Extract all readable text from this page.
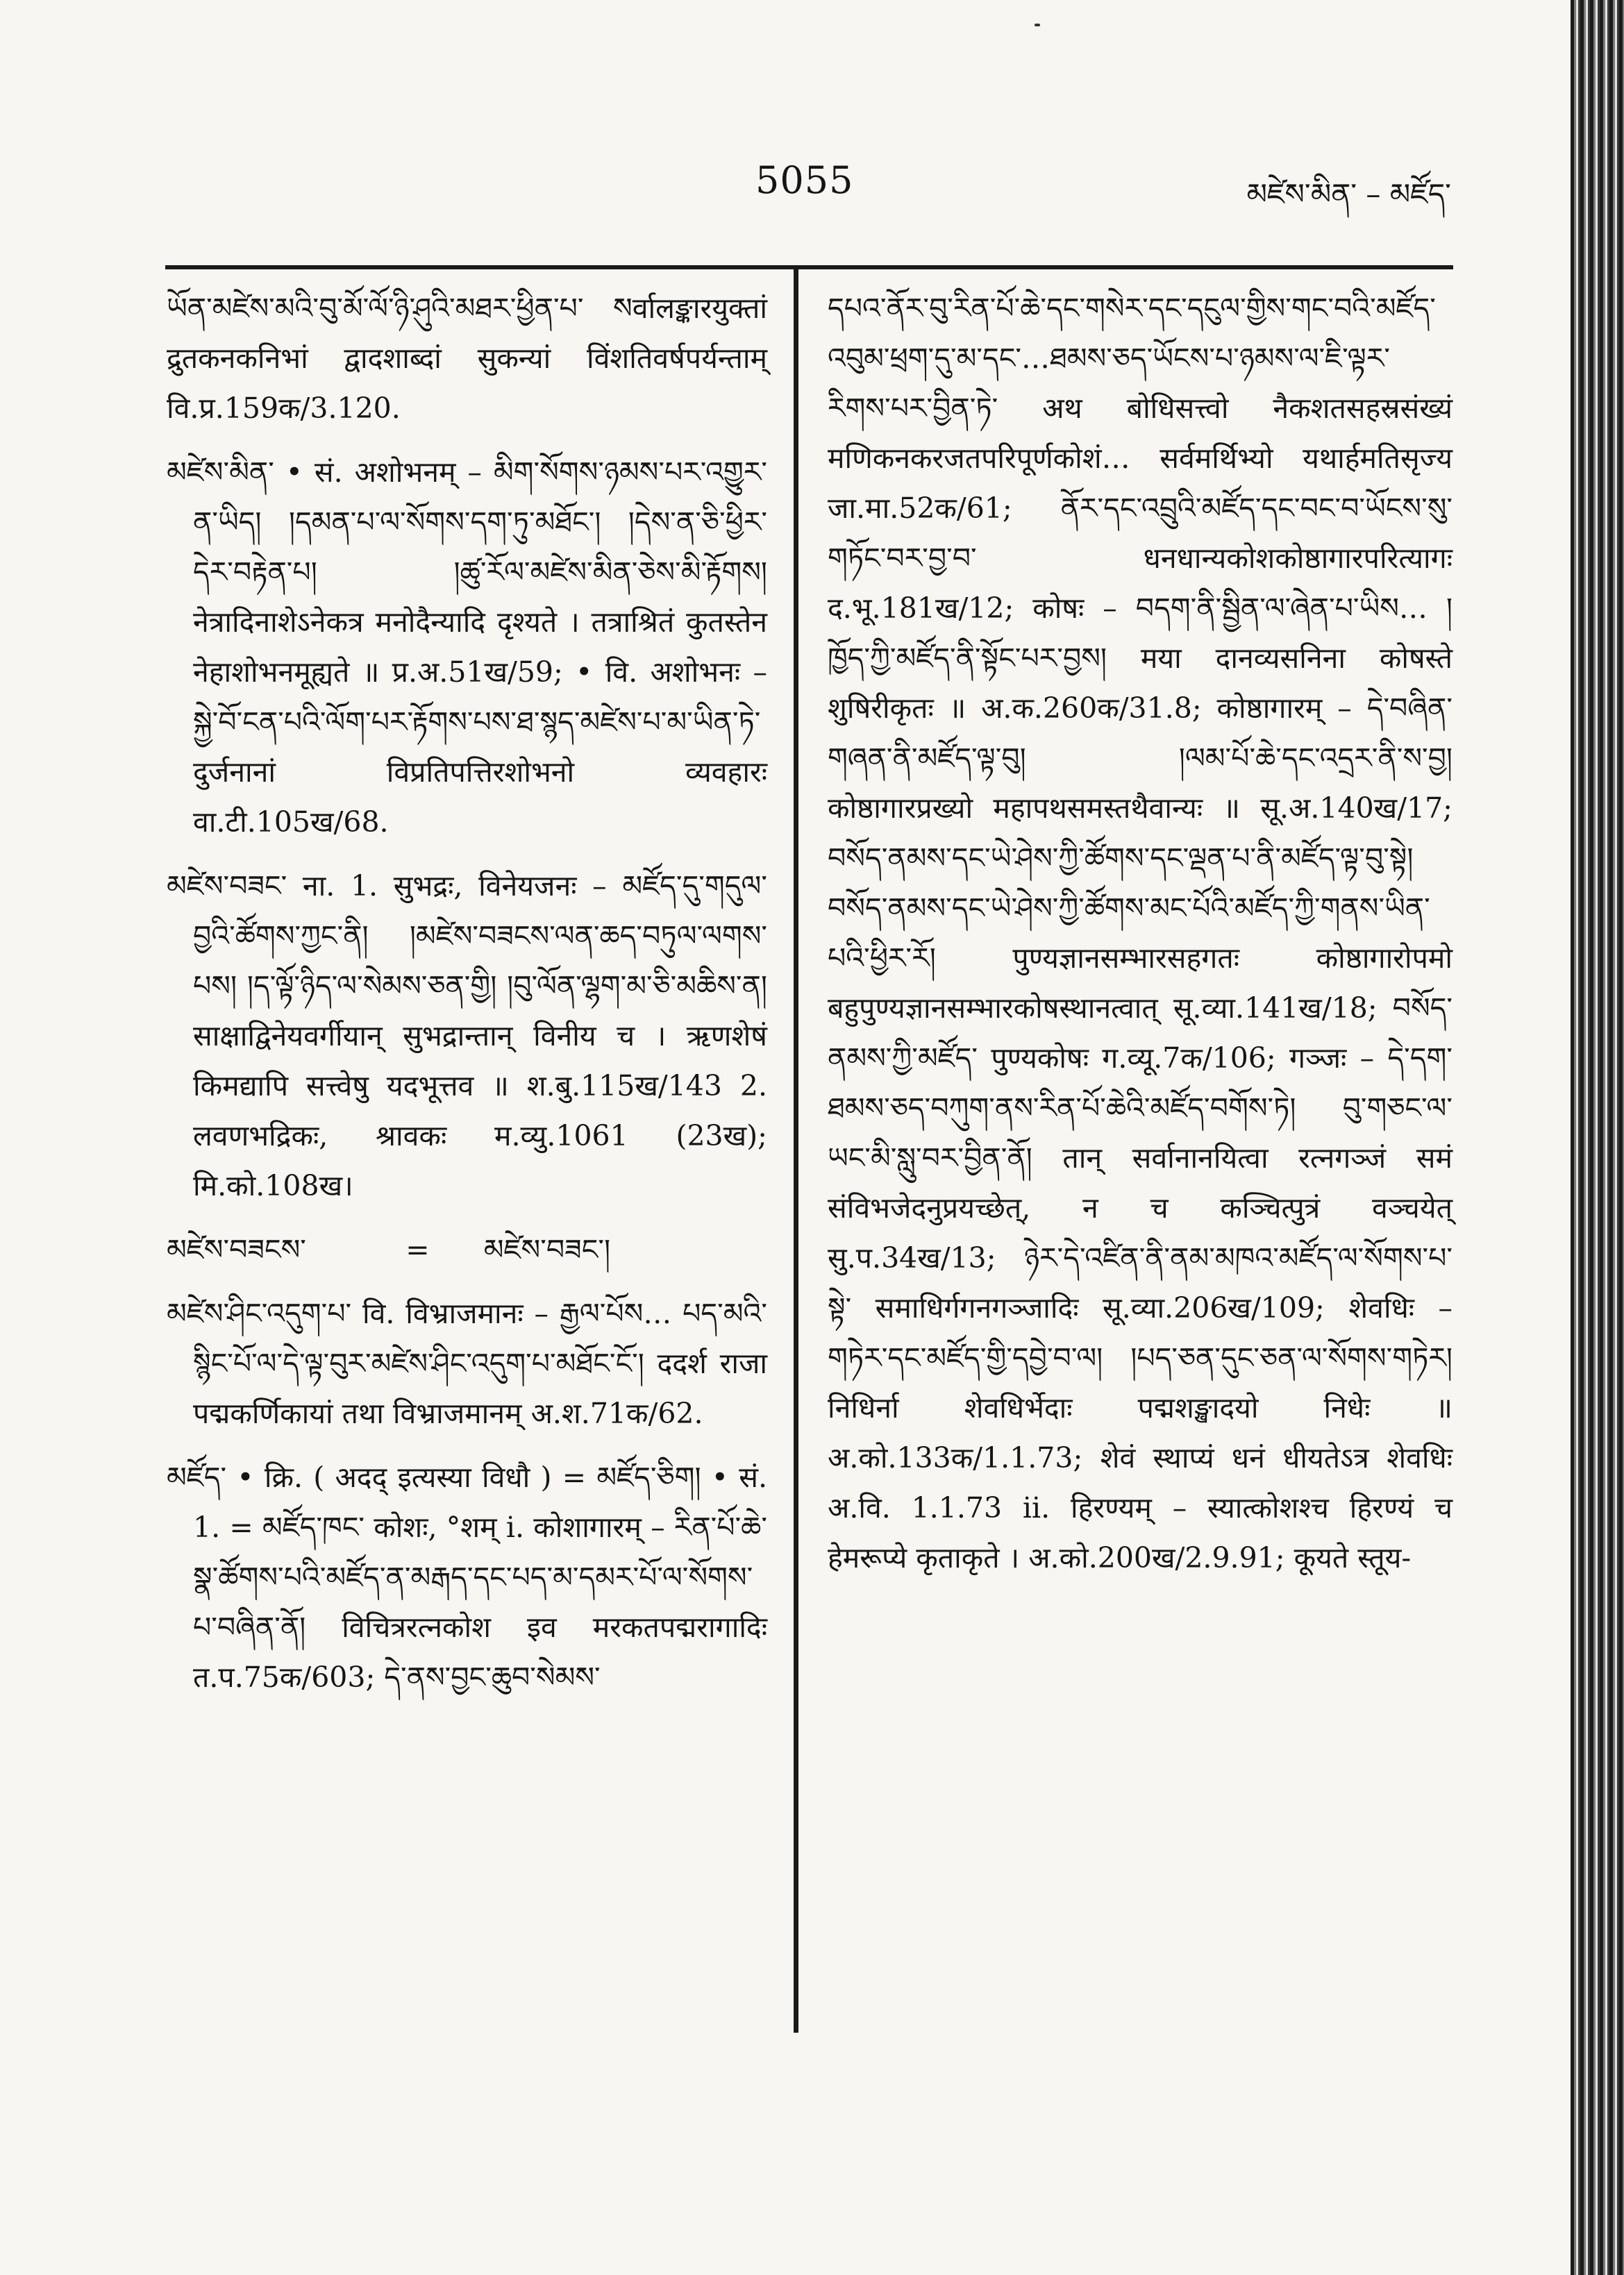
5055	མཛེས་མིན་ – མཛོད་

ཡོན་མཛེས་མའི་བུ་མོ་ལོ་ཉི་ཤུའི་མཐར་ཕྱིན་པ་ སर्वालङ्कारयुक्तां द्रुतकनकनिभां द्वादशाब्दां सुकन्यां विंशतिवर्षपर्यन्ताम् वि.प्र.159क/3.120.

མཛེས་མིན་ • सं. अशोभनम् – མིག་སོགས་ཉམས་པར་འགྱུར་ན་ཡིད། །དམན་པ་ལ་སོགས་དག་ཏུ་མཐོང་། །དེས་ན་ཅི་ཕྱིར་དེར་བརྟེན་པ། །ཚུ་རོལ་མཛེས་མིན་ཅེས་མི་རྟོགས། नेत्रादिनाशेऽनेकत्र मनोदैन्यादि दृश्यते । तत्राश्रितं कुतस्तेन नेहाशोभनमूह्यते ॥ प्र.अ.51ख/59; • वि. अशोभनः – སྐྱེ་བོ་ངན་པའི་ལོག་པར་རྟོགས་པས་ཐ་སྙད་མཛེས་པ་མ་ཡིན་ཏེ་ दुर्जनानां विप्रतिपत्तिरशोभनो व्यवहारः वा.टी.105ख/68.

མཛེས་བཟང་ ना. 1. सुभद्रः, विनेयजनः – མཛོད་དུ་གདུལ་བྱའི་ཚོགས་ཀྱང་ནི། །མཛེས་བཟངས་ལན་ཆད་བཏུལ་ལགས་པས། །ད་ལྟོ་ཉིད་ལ་སེམས་ཅན་གྱི། །བུ་ལོན་ལྷག་མ་ཅི་མཆིས་ན། साक्षाद्विनेयवर्गीयान् सुभद्रान्तान् विनीय च । ऋणशेषं किमद्यापि सत्त्वेषु यदभूत्तव ॥ श.बु.115ख/143 2. लवणभद्रिकः, श्रावकः म.व्यु.1061 (23ख); मि.को.108ख।

མཛེས་བཟངས་           =      མཛེས་བཟང་།

མཛེས་ཤིང་འདུག་པ་ वि. विभ्राजमानः – རྒྱལ་པོས… པད་མའི་སྙིང་པོ་ལ་དེ་ལྟ་བུར་མཛེས་ཤིང་འདུག་པ་མཐོང་ངོ་། ददर्श राजा पद्मकर्णिकायां तथा विभ्राजमानम् अ.श.71क/62.

མཛོད་ • क्रि. ( अदद् इत्यस्या विधौ ) = མཛོད་ཅིག། • सं. 1. = མཛོད་ཁང་ कोशः, °शम् i. कोशागारम् – རིན་པོ་ཆེ་སྣ་ཚོགས་པའི་མཛོད་ན་མརྒད་དང་པད་མ་དམར་པོ་ལ་སོགས་པ་བཞིན་ནོ། विचित्ररत्नकोश इव मरकतपद्मरागादिः त.प.75क/603; དེ་ནས་བྱང་ཆུབ་སེམས་

དཔའ་ནོར་བུ་རིན་པོ་ཆེ་དང་གསེར་དང་དངུལ་གྱིས་གང་བའི་མཛོད་འབུམ་ཕྲག་དུ་མ་དང་…ཐམས་ཅད་ཡོངས་པ་ཉམས་ལ་ཇི་ལྟར་རིགས་པར་བྱིན་ཏེ་ अथ बोधिसत्त्वो नैकशतसहस्रसंख्यं मणिकनकरजतपरिपूर्णकोशं… सर्वमर्थिभ्यो यथार्हमतिसृज्य जा.मा.52क/61; ནོར་དང་འབྲུའི་མཛོད་དང་བང་བ་ཡོངས་སུ་གཏོང་བར་བྱ་བ་ धनधान्यकोशकोष्ठागारपरित्यागः द.भू.181ख/12; कोषः – བདག་ནི་སྦྱིན་ལ་ཞེན་པ་ཡིས… །ཁྱོད་ཀྱི་མཛོད་ནི་སྟོང་པར་བྱས། मया दानव्यसनिना कोषस्ते शुषिरीकृतः ॥ अ.क.260क/31.8; कोष्ठागारम् – དེ་བཞིན་གཞན་ནི་མཛོད་ལྟ་བུ། །ལམ་པོ་ཆེ་དང་འདྲར་ནི་ས་བྱ། कोष्ठागारप्रख्यो महापथसमस्तथैवान्यः ॥ सू.अ.140ख/17; བསོད་ནམས་དང་ཡེ་ཤེས་ཀྱི་ཚོགས་དང་ལྡན་པ་ནི་མཛོད་ལྟ་བུ་སྟེ། བསོད་ནམས་དང་ཡེ་ཤེས་ཀྱི་ཚོགས་མང་པོའི་མཛོད་ཀྱི་གནས་ཡིན་པའི་ཕྱིར་རོ། पुण्यज्ञानसम्भारसहगतः कोष्ठागारोपमो बहुपुण्यज्ञानसम्भारकोषस्थानत्वात् सू.व्या.141ख/18; བསོད་ནམས་ཀྱི་མཛོད་ पुण्यकोषः ग.व्यू.7क/106; गञ्जः – དེ་དག་ཐམས་ཅད་བཀུག་ནས་རིན་པོ་ཆེའི་མཛོད་བགོས་ཏེ། བུ་གཅང་ལ་ཡང་མི་སླུ་བར་བྱིན་ནོ། तान् सर्वानानयित्वा रत्नगञ्जं समं संविभजेदनुप्रयच्छेत्, न च कञ्चित्पुत्रं वञ्चयेत् सु.प.34ख/13; ཉེར་དེ་འཛིན་ནི་ནམ་མཁའ་མཛོད་ལ་སོགས་པ་སྟེ་ समाधिर्गगनगञ्जादिः सू.व्या.206ख/109; शेवधिः – གཏེར་དང་མཛོད་གྱི་དབྱེ་བ་ལ། །པད་ཅན་དུང་ཅན་ལ་སོགས་གཏེར། निधिर्ना शेवधिर्भेदाः पद्मशङ्खादयो निधेः ॥ अ.को.133क/1.1.73; शेवं स्थाप्यं धनं धीयतेऽत्र शेवधिः अ.वि. 1.1.73 ii. हिरण्यम् – स्यात्कोशश्च हिरण्यं च हेमरूप्ये कृताकृते । अ.को.200ख/2.9.91; कूयते स्तूय-
